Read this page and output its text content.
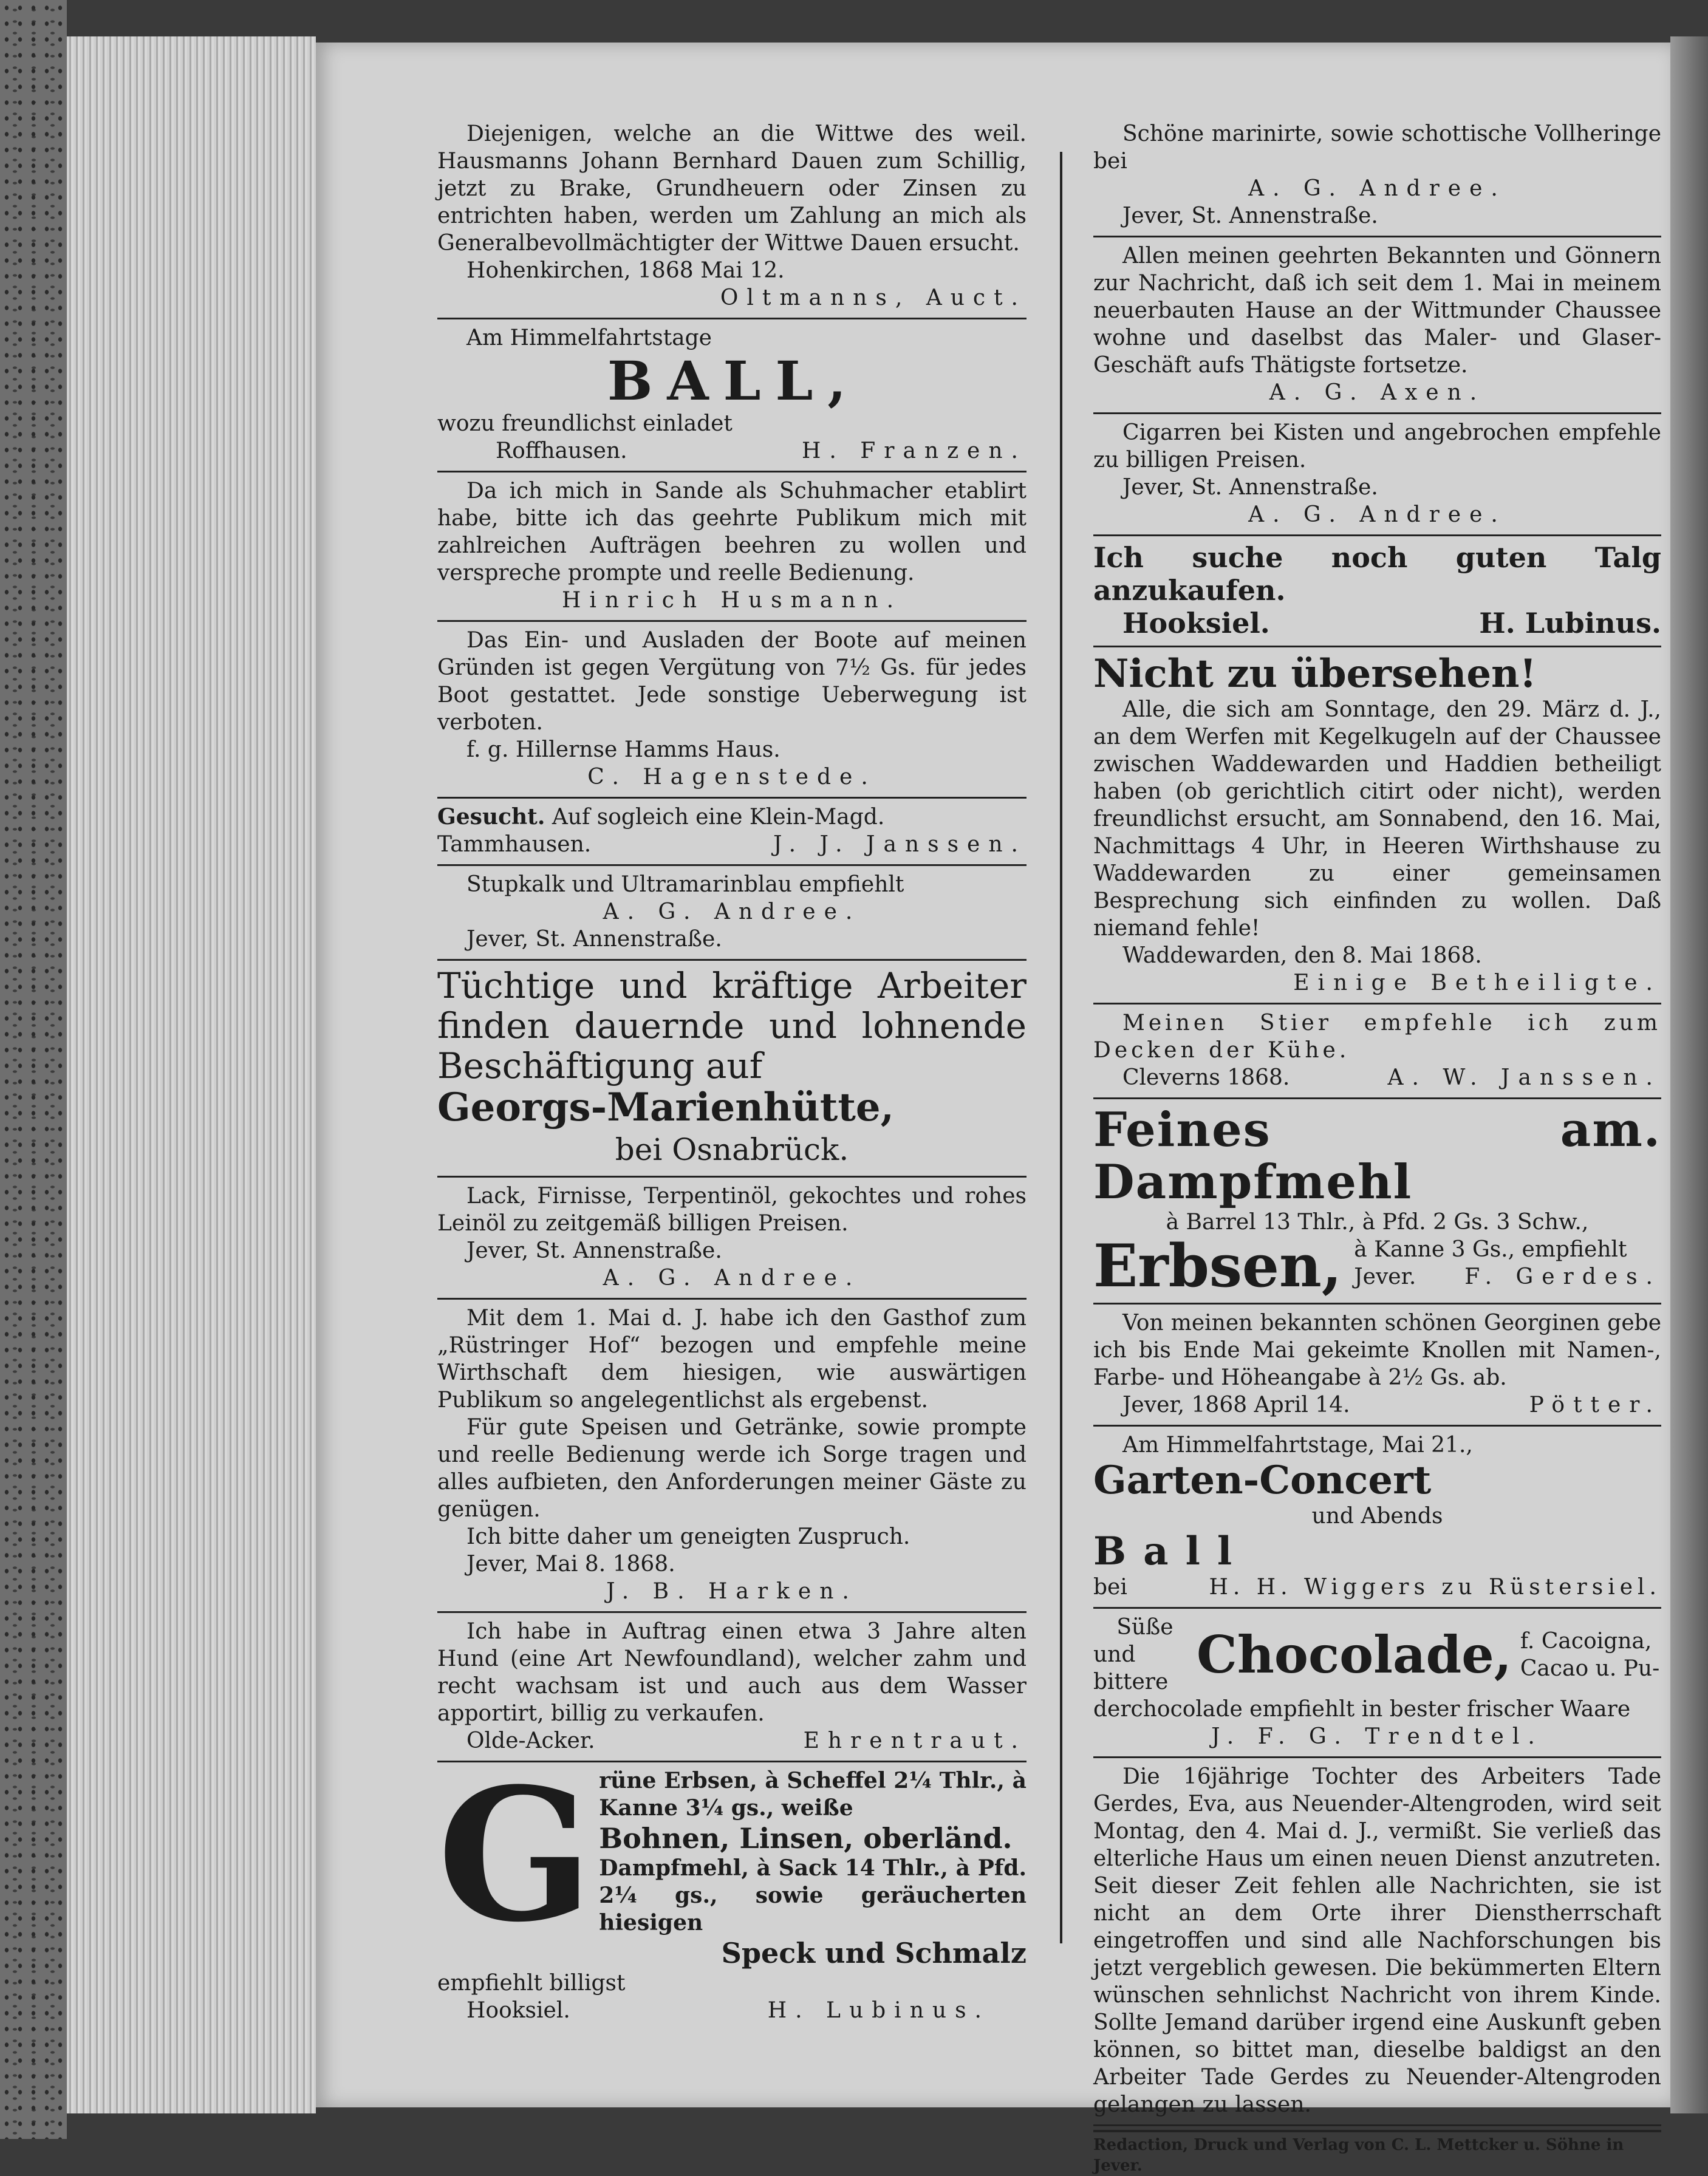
Diejenigen, welche an die Wittwe des weil. Hausmanns Johann Bernhard Dauen zum Schillig, jetzt zu Brake, Grundheuern oder Zinsen zu entrichten haben, werden um Zahlung an mich als Generalbevollmächtigter der Wittwe Dauen ersucht.

Hohenkirchen, 1868 Mai 12.

Oltmanns, Auct.

Am Himmelfahrtstage

BALL,

wozu freundlichst einladet

Roffhausen.	H. Franzen.

Da ich mich in Sande als Schuhmacher etablirt habe, bitte ich das geehrte Publikum mich mit zahlreichen Aufträgen beehren zu wollen und verspreche prompte und reelle Bedienung.

Hinrich Husmann.

Das Ein- und Ausladen der Boote auf meinen Gründen ist gegen Vergütung von 7½ Gs. für jedes Boot gestattet. Jede sonstige Ueberwegung ist verboten.

f. g. Hillernse Hamms Haus.

C. Hagenstede.

Gesucht. Auf sogleich eine Klein-Magd.

Tammhausen.	J. J. Janssen.

Stupkalk und Ultramarinblau empfiehlt

A. G. Andree.

Jever, St. Annenstraße.

Tüchtige und kräftige Arbeiter finden dauernde und lohnende Beschäftigung auf

Georgs-Marienhütte,

bei Osnabrück.

Lack, Firnisse, Terpentinöl, gekochtes und rohes Leinöl zu zeitgemäß billigen Preisen.

Jever, St. Annenstraße.

A. G. Andree.

Mit dem 1. Mai d. J. habe ich den Gasthof zum „Rüstringer Hof“ bezogen und empfehle meine Wirthschaft dem hiesigen, wie auswärtigen Publikum so angelegentlichst als ergebenst.

Für gute Speisen und Getränke, sowie prompte und reelle Bedienung werde ich Sorge tragen und alles aufbieten, den Anforderungen meiner Gäste zu genügen.

Ich bitte daher um geneigten Zuspruch.

Jever, Mai 8. 1868.

J. B. Harken.

Ich habe in Auftrag einen etwa 3 Jahre alten Hund (eine Art Newfoundland), welcher zahm und recht wachsam ist und auch aus dem Wasser apportirt, billig zu verkaufen.

Olde-Acker.	Ehrentraut.
G rüne Erbsen, à Scheffel 2¼ Thlr., à Kanne 3¼ gs., weiße

Bohnen, Linsen, oberländ.

Dampfmehl, à Sack 14 Thlr., à Pfd. 2¼ gs., sowie geräucherten hiesigen

Speck und Schmalz

empfiehlt billigst

Hooksiel.	H. Lubinus.

Schöne marinirte, sowie schottische Vollheringe bei

A. G. Andree.

Jever, St. Annenstraße.

Allen meinen geehrten Bekannten und Gönnern zur Nachricht, daß ich seit dem 1. Mai in meinem neuerbauten Hause an der Wittmunder Chaussee wohne und daselbst das Maler- und Glaser-Geschäft aufs Thätigste fortsetze.

A. G. Axen.

Cigarren bei Kisten und angebrochen empfehle zu billigen Preisen.

Jever, St. Annenstraße.

A. G. Andree.

Ich suche noch guten Talg anzukaufen.

Hooksiel.	H. Lubinus.

Nicht zu übersehen!

Alle, die sich am Sonntage, den 29. März d. J., an dem Werfen mit Kegelkugeln auf der Chaussee zwischen Waddewarden und Haddien betheiligt haben (ob gerichtlich citirt oder nicht), werden freundlichst ersucht, am Sonnabend, den 16. Mai, Nachmittags 4 Uhr, in Heeren Wirthshause zu Waddewarden zu einer gemeinsamen Besprechung sich einfinden zu wollen. Daß niemand fehle!

Waddewarden, den 8. Mai 1868.

Einige Betheiligte.

Meinen Stier empfehle ich zum Decken der Kühe.

Cleverns 1868.	A. W. Janssen.

Feines am. Dampfmehl

à Barrel 13 Thlr., à Pfd. 2 Gs. 3 Schw.,

Erbsen, à Kanne 3 Gs., empfiehlt

Jever. F. Gerdes.

Von meinen bekannten schönen Georginen gebe ich bis Ende Mai gekeimte Knollen mit Namen-, Farbe- und Höheangabe à 2½ Gs. ab.

Jever, 1868 April 14.	Pötter.

Am Himmelfahrtstage, Mai 21.,

Garten-Concert

und Abends

Ball

bei	H. H. Wiggers zu Rüstersiel.

Süße

und bittere Chocolade, f. Cacoigna,

Cacao u. Pu-

derchocolade empfiehlt in bester frischer Waare

J. F. G. Trendtel.

Die 16jährige Tochter des Arbeiters Tade Gerdes, Eva, aus Neuender-Altengroden, wird seit Montag, den 4. Mai d. J., vermißt. Sie verließ das elterliche Haus um einen neuen Dienst anzutreten. Seit dieser Zeit fehlen alle Nachrichten, sie ist nicht an dem Orte ihrer Dienstherrschaft eingetroffen und sind alle Nachforschungen bis jetzt vergeblich gewesen. Die bekümmerten Eltern wünschen sehnlichst Nachricht von ihrem Kinde. Sollte Jemand darüber irgend eine Auskunft geben können, so bittet man, dieselbe baldigst an den Arbeiter Tade Gerdes zu Neuender-Altengroden gelangen zu lassen.

Redaction, Druck und Verlag von C. L. Mettcker u. Söhne in Jever.
